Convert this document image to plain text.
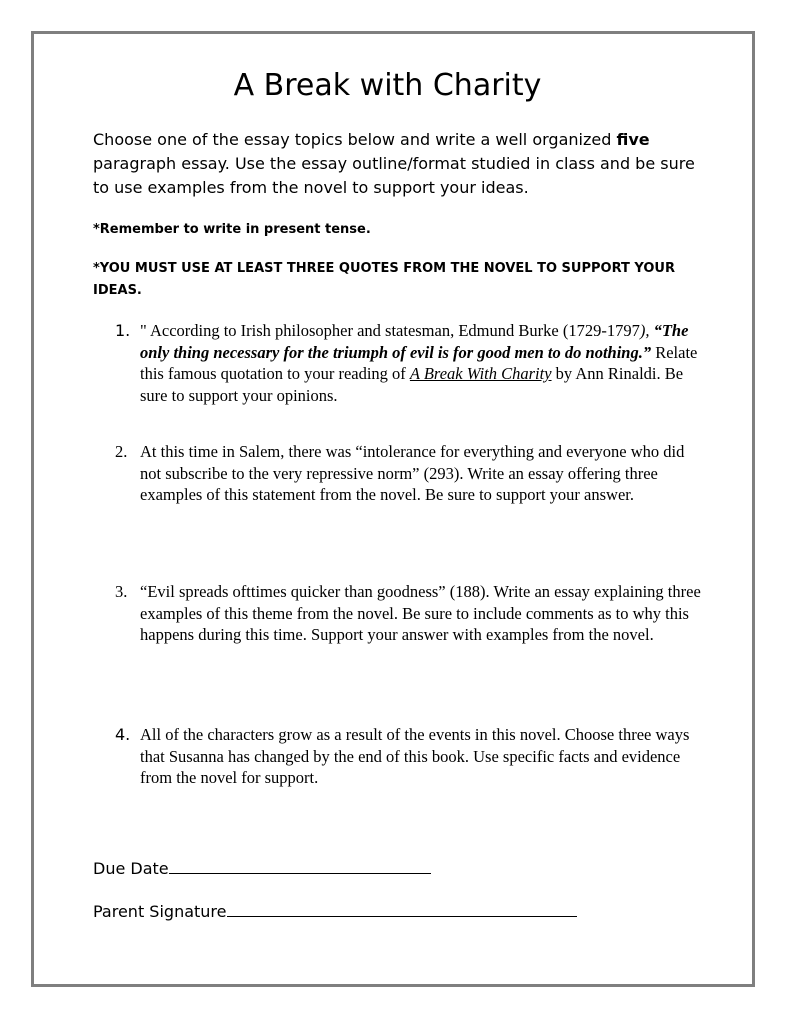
A Break with Charity

Choose one of the essay topics below and write a well organized five paragraph essay. Use the essay outline/format studied in class and be sure to use examples from the novel to support your ideas.

*Remember to write in present tense.

*YOU MUST USE AT LEAST THREE QUOTES FROM THE NOVEL TO SUPPORT YOUR IDEAS.

1. " According to Irish philosopher and statesman, Edmund Burke (1729-1797), “The only thing necessary for the triumph of evil is for good men to do nothing.” Relate this famous quotation to your reading of A Break With Charity by Ann Rinaldi. Be sure to support your opinions.
2. At this time in Salem, there was “intolerance for everything and everyone who did not subscribe to the very repressive norm” (293). Write an essay offering three examples of this statement from the novel. Be sure to support your answer.
3. “Evil spreads ofttimes quicker than goodness” (188). Write an essay explaining three examples of this theme from the novel. Be sure to include comments as to why this happens during this time. Support your answer with examples from the novel.
4. All of the characters grow as a result of the events in this novel. Choose three ways that Susanna has changed by the end of this book. Use specific facts and evidence from the novel for support.
Due Date
Parent Signature
